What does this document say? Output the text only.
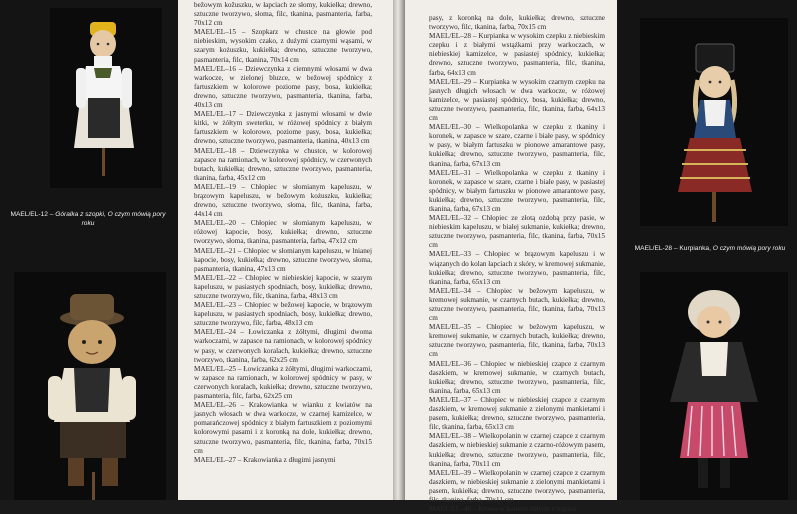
MAEL/EL-12 – Góralka z szopki, O czym mówią pory roku
bežowym kožuszku, w łapciach ze słomy, kukiełka; drewno, sztuczne tworzywo, słoma, filc, tkanina, pasmanteria, farba, 70x12 cm
MAEL/EL–15 – Szopkarz w chustce na głowie pod niebieskim, wysokim czako, z dużymi czarnymi wąsami, w szarym kożuszku, kukiełka; drewno, sztuczne tworzywo, pasmanteria, filc, tkanina, 70x14 cm
MAEL/EL–16 – Dziewczynka z ciemnymi włosami w dwa warkocze, w zielonej bluzce, w bežowej spódnicy z fartuszkiem w kolorowe poziome pasy, bosa, kukiełka; drewno, sztuczne tworzywo, pasmanteria, tkanina, farba, 40x13 cm
MAEL/EL–17 – Dziewczynka z jasnymi włosami w dwie kitki, w żółtym sweterku, w różowej spódnicy z białym fartuszkiem w kolorowe, poziome pasy, bosa, kukiełka; drewno, sztuczne tworzywo, pasmanteria, tkanina, 40x13 cm
MAEL/EL–18 – Dziewczynka w chustce, w kolorowej zapasce na ramionach, w kolorowej spódnicy, w czerwonych butach, kukiełka; drewno, sztuczne tworzywo, pasmanteria, tkanina, farba, 45x12 cm
MAEL/EL–19 – Chłopiec w słomianym kapeluszu, w brązowym kapeluszu, w bežowym kożuszku, kukiełka; drewno, sztuczne tworzywo, słoma, filc, tkanina, farba, 44x14 cm
MAEL/EL–20 – Chłopiec w słomianym kapeluszu, w różowej kapocie, bosy, kukiełka; drewno, sztuczne tworzywo, słoma, tkanina, pasmanteria, farba, 47x12 cm
MAEL/EL–21 – Chłopiec w słomianym kapeluszu, w lnianej kapocie, bosy, kukiełka; drewno, sztuczne tworzywo, słoma, pasmanteria, tkanina, 47x13 cm
MAEL/EL–22 – Chłopiec w niebieskiej kapocie, w szarym kapeluszu, w pasiastych spodniach, bosy, kukiełka; drewno, sztuczne tworzywo, filc, tkanina, farba, 48x13 cm
MAEL/EL–23 – Chłopiec w bežowej kapocie, w brązowym kapeluszu, w pasiastych spodniach, bosy, kukiełka; drewno, sztuczne tworzywo, filc, farba, 48x13 cm
MAEL/EL–24 – Łowiczanka z żółtymi, długimi dwoma warkoczami, w zapasce na ramionach, w kolorowej spódnicy w pasy, w czerwonych koralach, kukiełka; drewno, sztuczne tworzywo, tkanina, farba, 62x25 cm
MAEL/EL–25 – Łowiczanka z żółtymi, długimi warkoczami, w zapasce na ramionach, w kolorowej spódnicy w pasy, w czerwonych koralach, kukiełka; drewno, sztuczne tworzywo, pasmanteria, filc, farba, 62x25 cm
MAEL/EL–26 – Krakowianka w wianku z kwiatów na jasnych włosach w dwa warkocze, w czarnej kamizelce, w pomarańczowej spódnicy z białym fartuszkiem z poziomymi kolorowymi pasami i z koronką na dole, kukiełka; drewno, sztuczne tworzywo, pasmanteria, filc, tkanina, farba, 70x15 cm
MAEL/EL–27 – Krakowianka z długimi jasnymi
pasy, z koronką na dole, kukiełka; drewno, sztuczne tworzywo, filc, tkanina, farba, 70x15 cm
MAEL/EL–28 – Kurpianka w wysokim czepku z niebieskim czepku i z białymi wstążkami przy warkoczach, w niebieskiej kamizelce, w pasiastej spódnicy, kukiełka; drewno, sztuczne tworzywo, pasmanteria, filc, tkanina, farba, 64x13 cm
MAEL/EL–29 – Kurpianka w wysokim czarnym czepku na jasnych długich włosach w dwa warkocze, w różowej kamizelce, w pasiastej spódnicy, bosa, kukiełka; drewno, sztuczne tworzywo, pasmanteria, filc, tkanina, farba, 64x13 cm
MAEL/EL–30 – Wielkopolanka w czepku z tkaniny i koronek, w zapasce w szare, czarne i białe pasy, w spódnicy w pasy, w białym fartuszku w pionowe amarantowe pasy, kukiełka; drewno, sztuczne tworzywo, pasmanteria, filc, tkanina, farba, 67x13 cm
MAEL/EL–31 – Wielkopolanka w czepku z tkaniny i koronek, w zapasce w szare, czarne i białe pasy, w pasiastej spódnicy, w białym fartuszku w pionowe amarantowe pasy, kukiełka; drewno, sztuczne tworzywo, pasmanteria, filc, tkanina, farba, 67x13 cm
MAEL/EL–32 – Chłopiec ze złotą ozdobą przy pasie, w niebieskim kapeluszu, w białej sukmanie, kukiełka; drewno, sztuczne tworzywo, pasmanteria, filc, tkanina, farba, 70x15 cm
MAEL/EL–33 – Chłopiec w brązowym kapeluszu i w wiązanych do kolan łapciach z skóry, w kremowej sukmanie, kukiełka; drewno, sztuczne tworzywo, pasmanteria, filc, tkanina, farba, 65x13 cm
MAEL/EL–34 – Chłopiec w bežowym kapeluszu, w kremowej sukmanie, w czarnych butach, kukiełka; drewno, sztuczne tworzywo, pasmanteria, filc, tkanina, farba, 70x13 cm
MAEL/EL–35 – Chłopiec w bežowym kapeluszu, w kremowej sukmanie, w czarnych butach, kukiełka; drewno, sztuczne tworzywo, pasmanteria, filc, tkanina, farba, 70x13 cm
MAEL/EL–36 – Chłopiec w niebieskiej czapce z czarnym daszkiem, w kremowej sukmanie, w czarnych butach, kukiełka; drewno, sztuczne tworzywo, pasmanteria, filc, tkanina, farba, 65x13 cm
MAEL/EL–37 – Chłopiec w niebieskiej czapce z czarnym daszkiem, w kremowej sukmanie z zielonymi mankietami i pasem, kukiełka; drewno, sztuczne tworzywo, pasmanteria, filc, tkanina, farba, 65x13 cm
MAEL/EL–38 – Wielkopolanin w czarnej czapce z czarnym daszkiem, w niebieskiej sukmanie z czarno-różowym pasem, kukiełka; drewno, sztuczne tworzywo, pasmanteria, filc, tkanina, farba, 70x11 cm
MAEL/EL–39 – Wielkopolanin w czarnej czapce z czarnym daszkiem, w niebieskiej sukmanie z zielonymi mankietami i pasem, kukiełka; drewno, sztuczne tworzywo, pasmanteria, filc, tkanina, farba, 70x11 cm
MAEL/EL–40 – Krowa w kolorze żółtym z rogami
MAEL/EL-28 – Kurpianka, O czym mówią pory roku
